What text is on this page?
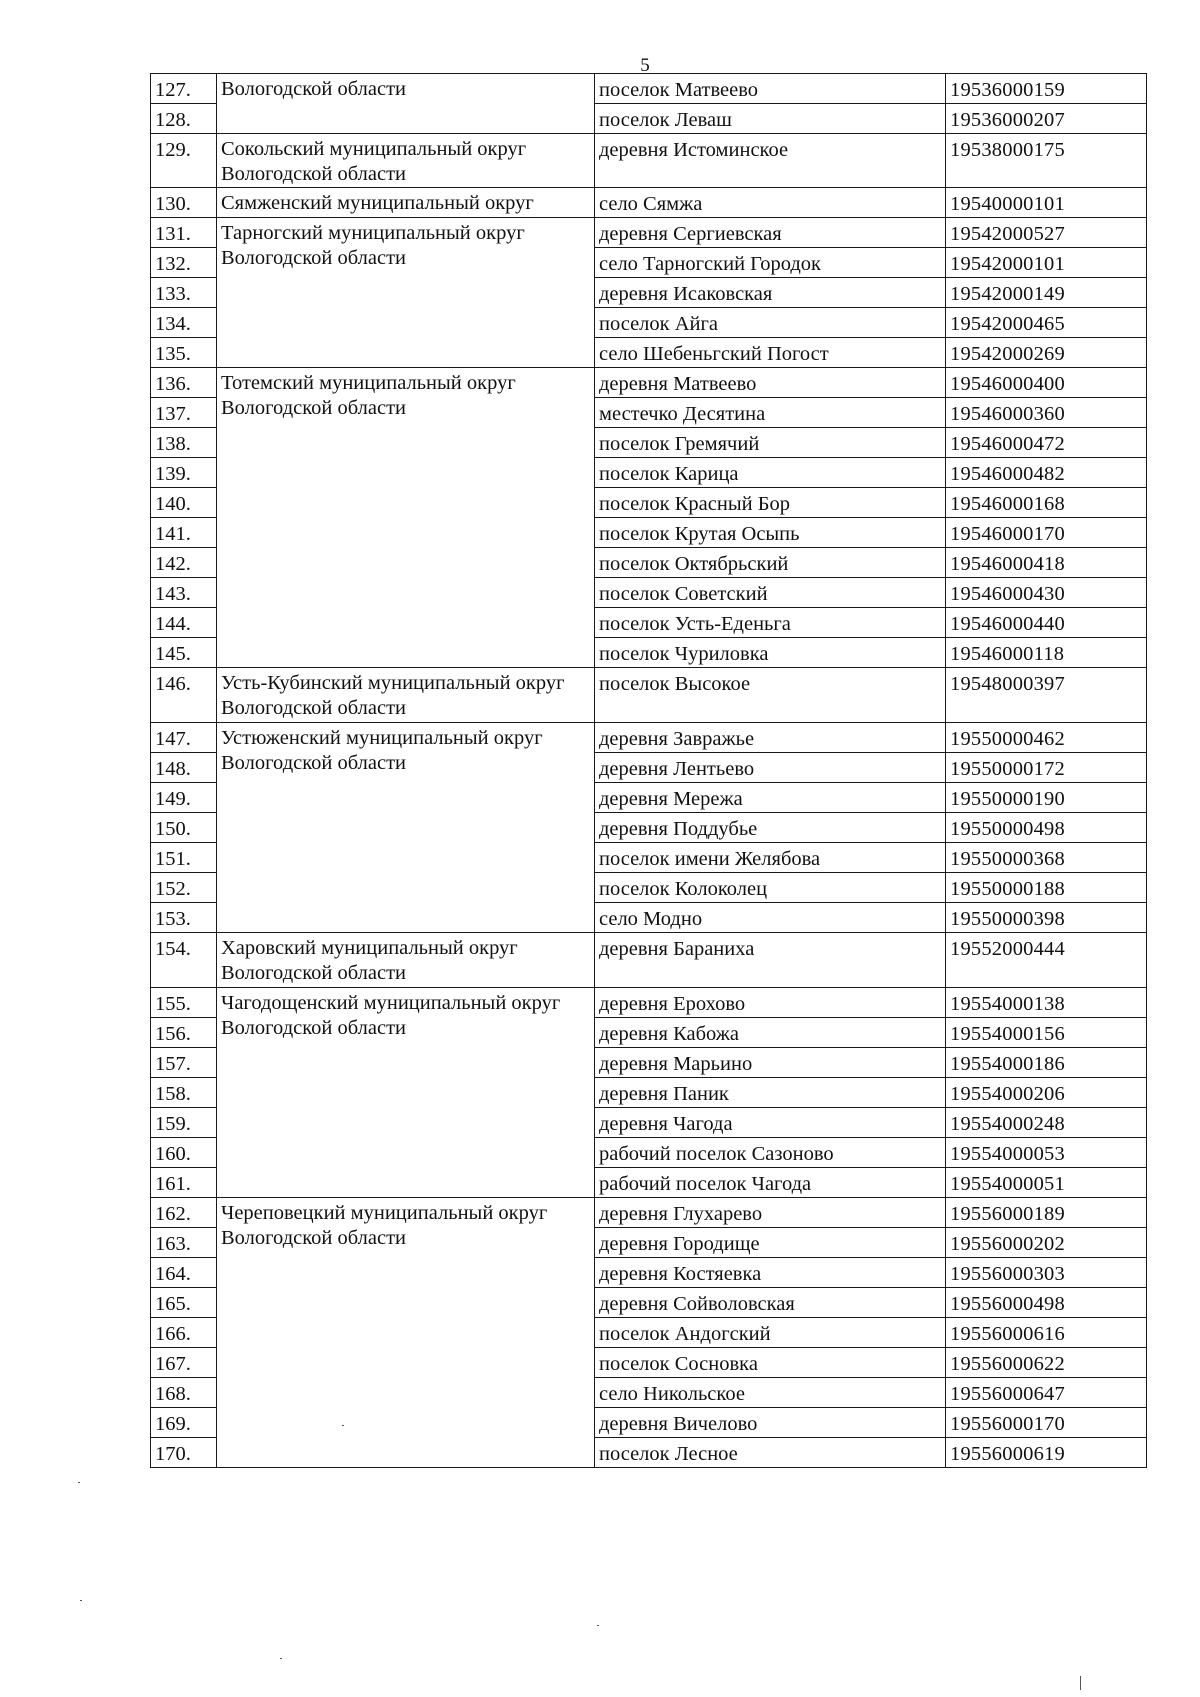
5
127.	Вологодской области	поселок Матвеево	19536000159
128.		поселок Леваш	19536000207
129.	Сокольский муниципальный округ Вологодской области	деревня Истоминское	19538000175
130.	Сямженский муниципальный округ	село Сямжа	19540000101
131.	Тарногский муниципальный округ Вологодской области	деревня Сергиевская	19542000527
132.		село Тарногский Городок	19542000101
133.		деревня Исаковская	19542000149
134.		поселок Айга	19542000465
135.		село Шебеньгский Погост	19542000269
136.	Тотемский муниципальный округ Вологодской области	деревня Матвеево	19546000400
137.		местечко Десятина	19546000360
138.		поселок Гремячий	19546000472
139.		поселок Карица	19546000482
140.		поселок Красный Бор	19546000168
141.		поселок Крутая Осыпь	19546000170
142.		поселок Октябрьский	19546000418
143.		поселок Советский	19546000430
144.		поселок Усть-Еденьга	19546000440
145.		поселок Чуриловка	19546000118
146.	Усть-Кубинский муниципальный округ Вологодской области	поселок Высокое	19548000397
147.	Устюженский муниципальный округ Вологодской области	деревня Завражье	19550000462
148.		деревня Лентьево	19550000172
149.		деревня Мережа	19550000190
150.		деревня Поддубье	19550000498
151.		поселок имени Желябова	19550000368
152.		поселок Колоколец	19550000188
153.		село Модно	19550000398
154.	Харовский муниципальный округ Вологодской области	деревня Бараниха	19552000444
155.	Чагодощенский муниципальный округ Вологодской области	деревня Ерохово	19554000138
156.		деревня Кабожа	19554000156
157.		деревня Марьино	19554000186
158.		деревня Паник	19554000206
159.		деревня Чагода	19554000248
160.		рабочий поселок Сазоново	19554000053
161.		рабочий поселок Чагода	19554000051
162.	Череповецкий муниципальный округ Вологодской области	деревня Глухарево	19556000189
163.		деревня Городище	19556000202
164.		деревня Костяевка	19556000303
165.		деревня Сойволовская	19556000498
166.		поселок Андогский	19556000616
167.		поселок Сосновка	19556000622
168.		село Никольское	19556000647
169.		деревня Вичелово	19556000170
170.		поселок Лесное	19556000619
